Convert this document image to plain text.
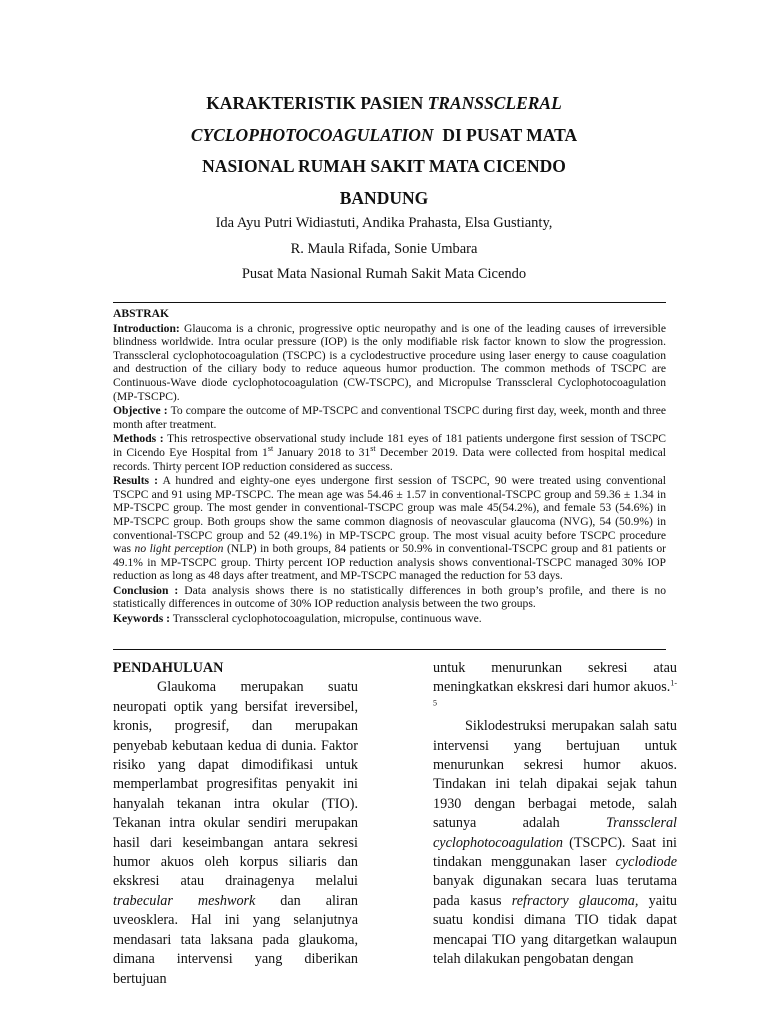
KARAKTERISTIK PASIEN TRANSSCLERAL
CYCLOPHOTOCOAGULATION  DI PUSAT MATA
NASIONAL RUMAH SAKIT MATA CICENDO
BANDUNG
Ida Ayu Putri Widiastuti, Andika Prahasta, Elsa Gustianty,
R. Maula Rifada, Sonie Umbara
Pusat Mata Nasional Rumah Sakit Mata Cicendo

ABSTRAK

Introduction: Glaucoma is a chronic, progressive optic neuropathy and is one of the leading causes of irreversible blindness worldwide. Intra ocular pressure (IOP) is the only modifiable risk factor known to slow the progression. Transscleral cyclophotocoagulation (TSCPC) is a cyclodestructive procedure using laser energy to cause coagulation and destruction of the ciliary body to reduce aqueous humor production. The common methods of TSCPC are Continuous-Wave diode cyclophotocoagulation (CW-TSCPC), and Micropulse Transscleral Cyclophotocoagulation (MP-TSCPC).

Objective : To compare the outcome of MP-TSCPC and conventional TSCPC during first day, week, month and three month after treatment.

Methods : This retrospective observational study include 181 eyes of 181 patients undergone first session of TSCPC in Cicendo Eye Hospital from 1st January 2018 to 31st December 2019. Data were collected from hospital medical records. Thirty percent IOP reduction considered as success.

Results : A hundred and eighty-one eyes undergone first session of TSCPC, 90 were treated using conventional TSCPC and 91 using MP-TSCPC. The mean age was 54.46 ± 1.57 in conventional-TSCPC group and 59.36 ± 1.34 in MP-TSCPC group. The most gender in conventional-TSCPC group was male 45(54.2%), and female 53 (54.6%) in MP-TSCPC group. Both groups show the same common diagnosis of neovascular glaucoma (NVG), 54 (50.9%) in conventional-TSCPC group and 52 (49.1%) in MP-TSCPC group. The most visual acuity before TSCPC procedure was no light perception (NLP) in both groups, 84 patients or 50.9% in conventional-TSCPC group and 81 patients or 49.1% in MP-TSCPC group. Thirty percent IOP reduction analysis shows conventional-TSCPC managed 30% IOP reduction as long as 48 days after treatment, and MP-TSCPC managed the reduction for 53 days.

Conclusion : Data analysis shows there is no statistically differences in both group’s profile, and there is no statistically differences in outcome of 30% IOP reduction analysis between the two groups.

Keywords : Transscleral cyclophotocoagulation, micropulse, continuous wave.

PENDAHULUAN

Glaukoma merupakan suatu neuropati optik yang bersifat ireversibel, kronis, progresif, dan merupakan penyebab kebutaan kedua di dunia. Faktor risiko yang dapat dimodifikasi untuk memperlambat progresifitas penyakit ini hanyalah tekanan intra okular (TIO). Tekanan intra okular sendiri merupakan hasil dari keseimbangan antara sekresi humor akuos oleh korpus siliaris dan ekskresi atau drainagenya melalui trabecular meshwork dan aliran uveosklera. Hal ini yang selanjutnya mendasari tata laksana pada glaukoma, dimana intervensi yang diberikan bertujuan

untuk menurunkan sekresi atau meningkatkan ekskresi dari humor akuos.$^{1-5}$

Siklodestruksi merupakan salah satu intervensi yang bertujuan untuk menurunkan sekresi humor akuos. Tindakan ini telah dipakai sejak tahun 1930 dengan berbagai metode, salah satunya adalah Transscleral cyclophotocoagulation (TSCPC). Saat ini tindakan menggunakan laser cyclodiode banyak digunakan secara luas terutama pada kasus refractory glaucoma, yaitu suatu kondisi dimana TIO tidak dapat mencapai TIO yang ditargetkan walaupun telah dilakukan pengobatan dengan
